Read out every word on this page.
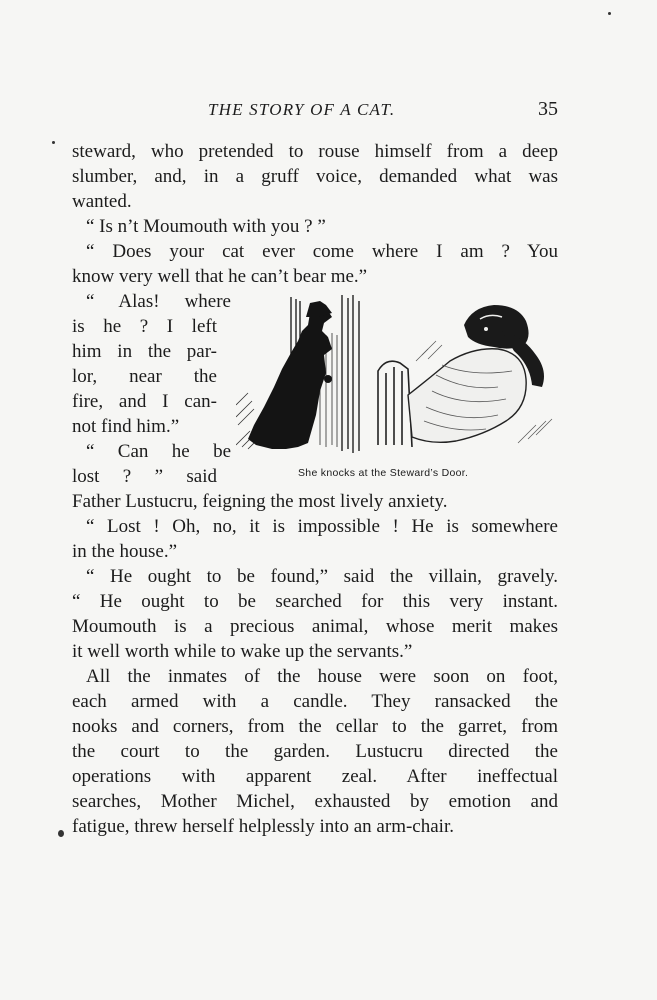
THE STORY OF A CAT.	35
steward, who pretended to rouse himself from a deep
slumber, and, in a gruff voice, demanded what was
wanted.
“ Is n’t Moumouth with you ? ”
“ Does your cat ever come where I am ? You
know very well that he can’t bear me.”
“ Alas! where
is he ? I left
him in the par-
lor, near the
fire, and I can-
not find him.”
“ Can he be
lost ? ” said
Father Lustucru, feigning the most lively anxiety.
“ Lost ! Oh, no, it is impossible ! He is somewhere
in the house.”
“ He ought to be found,” said the villain, gravely.
“ He ought to be searched for this very instant.
Moumouth is a precious animal, whose merit makes
it well worth while to wake up the servants.”
All the inmates of the house were soon on foot,
each armed with a candle. They ransacked the
nooks and corners, from the cellar to the garret, from
the court to the garden. Lustucru directed the
operations with apparent zeal. After ineffectual
searches, Mother Michel, exhausted by emotion and
fatigue, threw herself helplessly into an arm-chair.
She knocks at the Steward’s Door.
